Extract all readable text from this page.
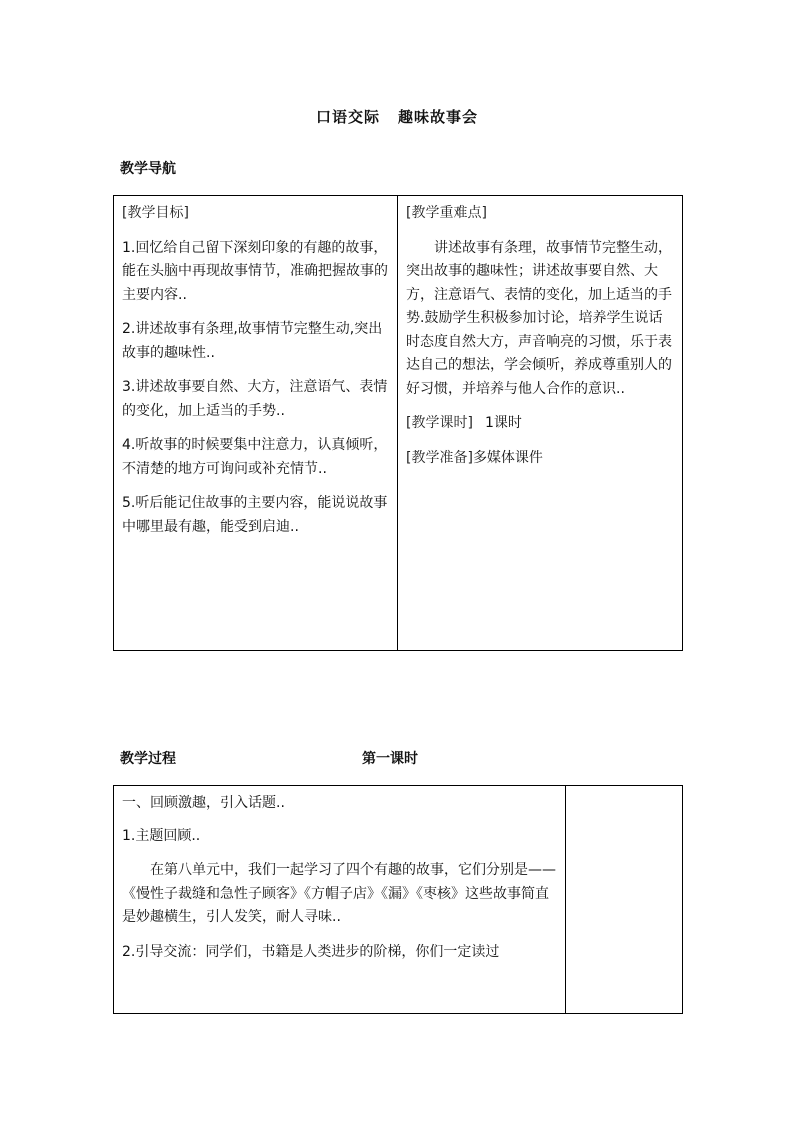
口语交际 趣味故事会
教学导航

[教学目标]

1.回忆给自己留下深刻印象的有趣的故事，能在头脑中再现故事情节，准确把握故事的主要内容..

2.讲述故事有条理,故事情节完整生动,突出故事的趣味性..

3.讲述故事要自然、大方，注意语气、表情的变化，加上适当的手势..

4.听故事的时候要集中注意力，认真倾听，不清楚的地方可询问或补充情节..

5.听后能记住故事的主要内容，能说说故事中哪里最有趣，能受到启迪..

[教学重难点]

讲述故事有条理，故事情节完整生动，突出故事的趣味性；讲述故事要自然、大方，注意语气、表情的变化，加上适当的手势.鼓励学生积极参加讨论，培养学生说话时态度自然大方，声音响亮的习惯，乐于表达自己的想法，学会倾听，养成尊重别人的好习惯，并培养与他人合作的意识..

[教学课时] 1课时

[教学准备]多媒体课件

教学过程	第一课时

一、回顾激趣，引入话题..

1.主题回顾..

在第八单元中，我们一起学习了四个有趣的故事，它们分别是——《慢性子裁缝和急性子顾客》《方帽子店》《漏》《枣核》这些故事简直是妙趣横生，引人发笑，耐人寻味..

2.引导交流：同学们，书籍是人类进步的阶梯，你们一定读过
